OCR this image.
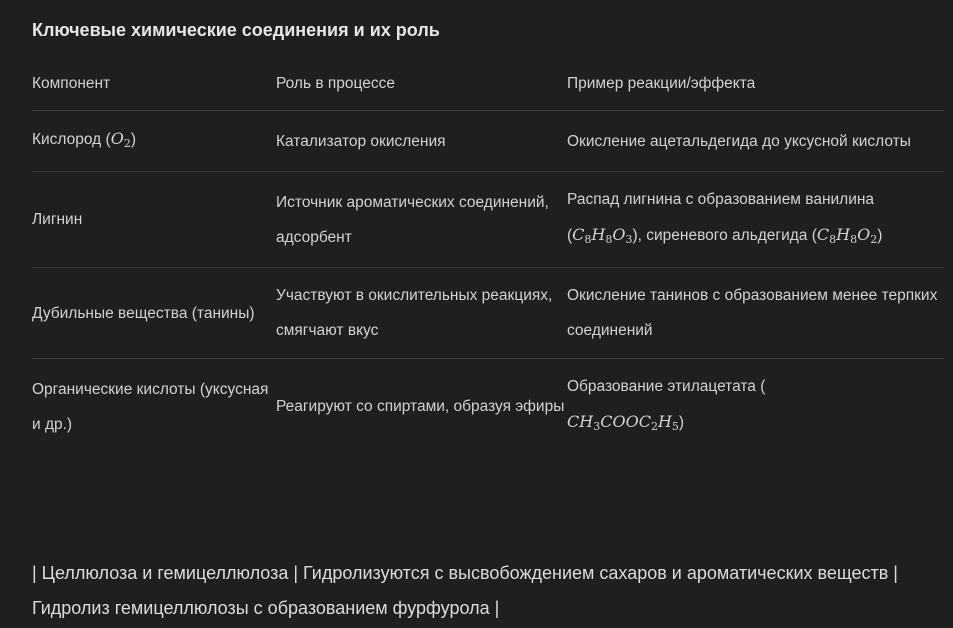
Ключевые химические соединения и их роль
Компонент	Роль в процессе	Пример реакции/эффекта
Кислород $(O_2)$	Катализатор окисления	Окисление ацетальдегида до уксусной кислоты
Лигнин	Источник ароматических соединений, адсорбент	Распад лигнина с образованием ванилина $(C_8H_8O_3)$, сиреневого альдегида $(C_8H_8O_2)$
Дубильные вещества (танины)	Участвуют в окислительных реакциях, смягчают вкус	Окисление танинов с образованием менее терпких соединений
Органические кислоты (уксусная и др.)	Реагируют со спиртами, образуя эфиры	Образование этилацетата (
$CH_3COOC_2H_5$)
| Целлюлоза и гемицеллюлоза | Гидролизуются с высвобождением сахаров и ароматических веществ | Гидролиз гемицеллюлозы с образованием фурфурола |
